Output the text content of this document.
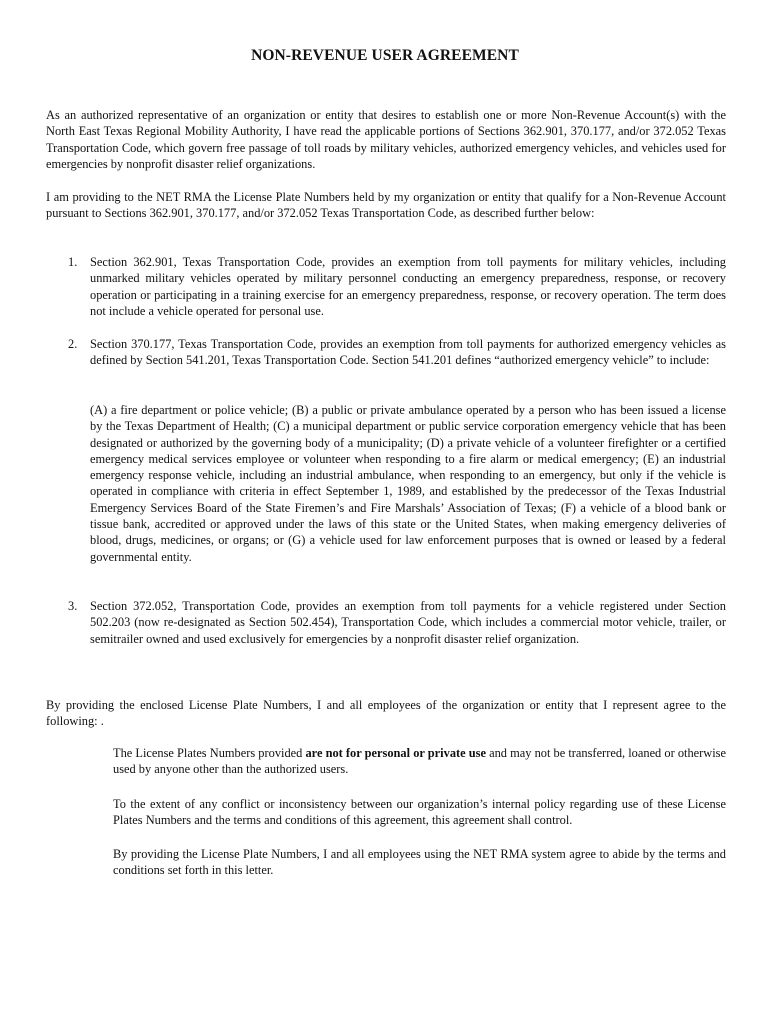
NON-REVENUE USER AGREEMENT

As an authorized representative of an organization or entity that desires to establish one or more Non-Revenue Account(s) with the North East Texas Regional Mobility Authority, I have read the applicable portions of Sections 362.901, 370.177, and/or 372.052 Texas Transportation Code, which govern free passage of toll roads by military vehicles, authorized emergency vehicles, and vehicles used for emergencies by nonprofit disaster relief organizations.

I am providing to the NET RMA the License Plate Numbers held by my organization or entity that qualify for a Non-Revenue Account pursuant to Sections 362.901, 370.177, and/or 372.052 Texas Transportation Code, as described further below:

1.	Section 362.901, Texas Transportation Code, provides an exemption from toll payments for military vehicles, including unmarked military vehicles operated by military personnel conducting an emergency preparedness, response, or recovery operation or participating in a training exercise for an emergency preparedness, response, or recovery operation. The term does not include a vehicle operated for personal use.

2.	Section 370.177, Texas Transportation Code, provides an exemption from toll payments for authorized emergency vehicles as defined by Section 541.201, Texas Transportation Code. Section 541.201 defines “authorized emergency vehicle” to include:

(A) a fire department or police vehicle; (B) a public or private ambulance operated by a person who has been issued a license by the Texas Department of Health; (C) a municipal department or public service corporation emergency vehicle that has been designated or authorized by the governing body of a municipality; (D) a private vehicle of a volunteer firefighter or a certified emergency medical services employee or volunteer when responding to a fire alarm or medical emergency; (E) an industrial emergency response vehicle, including an industrial ambulance, when responding to an emergency, but only if the vehicle is operated in compliance with criteria in effect September 1, 1989, and established by the predecessor of the Texas Industrial Emergency Services Board of the State Firemen’s and Fire Marshals’ Association of Texas; (F) a vehicle of a blood bank or tissue bank, accredited or approved under the laws of this state or the United States, when making emergency deliveries of blood, drugs, medicines, or organs; or (G) a vehicle used for law enforcement purposes that is owned or leased by a federal governmental entity.

3.	Section 372.052, Transportation Code, provides an exemption from toll payments for a vehicle registered under Section 502.203 (now re-designated as Section 502.454), Transportation Code, which includes a commercial motor vehicle, trailer, or semitrailer owned and used exclusively for emergencies by a nonprofit disaster relief organization.

By providing the enclosed License Plate Numbers, I and all employees of the organization or entity that I represent agree to the following: .

The License Plates Numbers provided are not for personal or private use and may not be transferred, loaned or otherwise used by anyone other than the authorized users.

To the extent of any conflict or inconsistency between our organization’s internal policy regarding use of these License Plates Numbers and the terms and conditions of this agreement, this agreement shall control.

By providing the License Plate Numbers, I and all employees using the NET RMA system agree to abide by the terms and conditions set forth in this letter.
